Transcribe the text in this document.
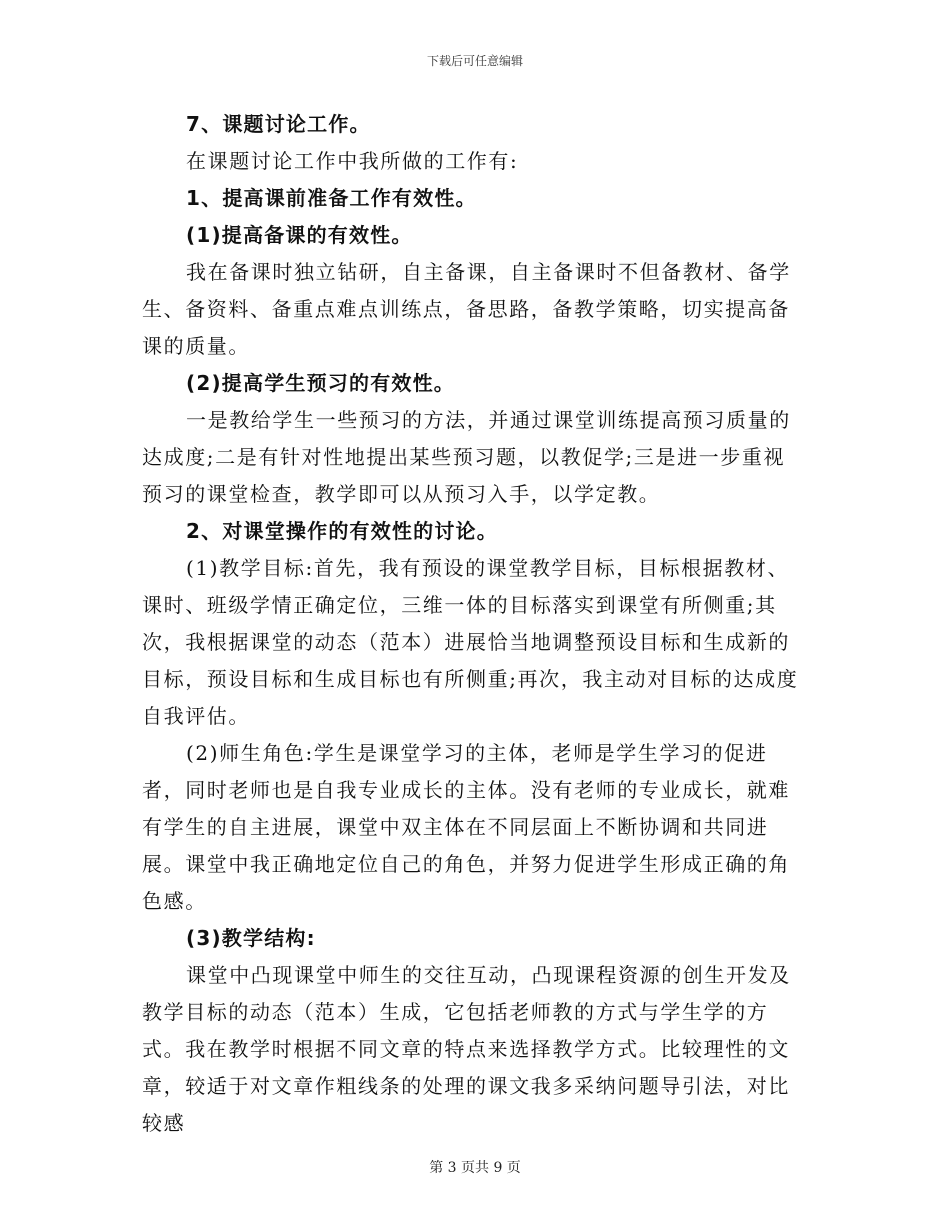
下载后可任意编辑

7、课题讨论工作。

在课题讨论工作中我所做的工作有:

1、提高课前准备工作有效性。

(1)提高备课的有效性。

我在备课时独立钻研，自主备课，自主备课时不但备教材、备学生、备资料、备重点难点训练点，备思路，备教学策略，切实提高备课的质量。

(2)提高学生预习的有效性。

一是教给学生一些预习的方法，并通过课堂训练提高预习质量的达成度;二是有针对性地提出某些预习题，以教促学;三是进一步重视预习的课堂检查，教学即可以从预习入手，以学定教。

2、对课堂操作的有效性的讨论。

(1)教学目标:首先，我有预设的课堂教学目标，目标根据教材、课时、班级学情正确定位，三维一体的目标落实到课堂有所侧重;其次，我根据课堂的动态（范本）进展恰当地调整预设目标和生成新的目标，预设目标和生成目标也有所侧重;再次，我主动对目标的达成度自我评估。

(2)师生角色:学生是课堂学习的主体，老师是学生学习的促进者，同时老师也是自我专业成长的主体。没有老师的专业成长，就难有学生的自主进展，课堂中双主体在不同层面上不断协调和共同进展。课堂中我正确地定位自己的角色，并努力促进学生形成正确的角色感。

(3)教学结构:

课堂中凸现课堂中师生的交往互动，凸现课程资源的创生开发及教学目标的动态（范本）生成，它包括老师教的方式与学生学的方式。我在教学时根据不同文章的特点来选择教学方式。比较理性的文章，较适于对文章作粗线条的处理的课文我多采纳问题导引法，对比较感

第 3 页共 9 页
